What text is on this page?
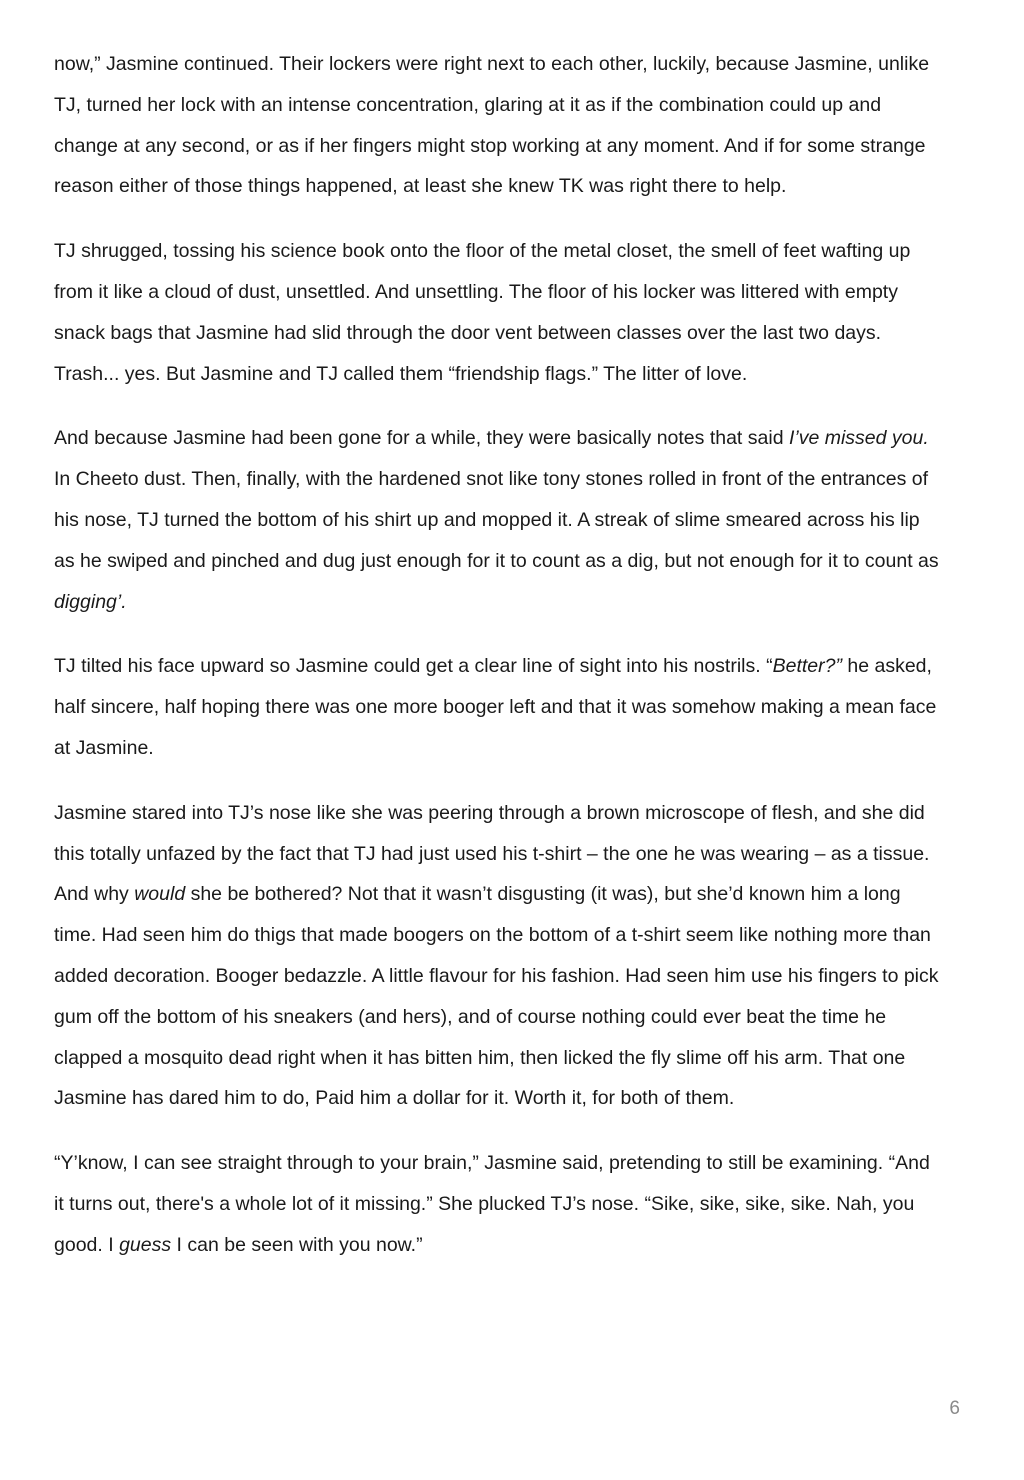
now,” Jasmine continued. Their lockers were right next to each other, luckily, because Jasmine, unlike TJ, turned her lock with an intense concentration, glaring at it as if the combination could up and change at any second, or as if her fingers might stop working at any moment. And if for some strange reason either of those things happened, at least she knew TK was right there to help.

TJ shrugged, tossing his science book onto the floor of the metal closet, the smell of feet wafting up from it like a cloud of dust, unsettled. And unsettling. The floor of his locker was littered with empty snack bags that Jasmine had slid through the door vent between classes over the last two days. Trash... yes. But Jasmine and TJ called them “friendship flags.” The litter of love.

And because Jasmine had been gone for a while, they were basically notes that said I’ve missed you. In Cheeto dust. Then, finally, with the hardened snot like tony stones rolled in front of the entrances of his nose, TJ turned the bottom of his shirt up and mopped it. A streak of slime smeared across his lip as he swiped and pinched and dug just enough for it to count as a dig, but not enough for it to count as digging’.

TJ tilted his face upward so Jasmine could get a clear line of sight into his nostrils. “Better?” he asked, half sincere, half hoping there was one more booger left and that it was somehow making a mean face at Jasmine.

Jasmine stared into TJ’s nose like she was peering through a brown microscope of flesh, and she did this totally unfazed by the fact that TJ had just used his t-shirt – the one he was wearing – as a tissue. And why would she be bothered? Not that it wasn’t disgusting (it was), but she’d known him a long time. Had seen him do thigs that made boogers on the bottom of a t-shirt seem like nothing more than added decoration. Booger bedazzle. A little flavour for his fashion. Had seen him use his fingers to pick gum off the bottom of his sneakers (and hers), and of course nothing could ever beat the time he clapped a mosquito dead right when it has bitten him, then licked the fly slime off his arm. That one Jasmine has dared him to do, Paid him a dollar for it. Worth it, for both of them.

“Y’know, I can see straight through to your brain,” Jasmine said, pretending to still be examining. “And it turns out, there's a whole lot of it missing.” She plucked TJ’s nose. “Sike, sike, sike, sike. Nah, you good. I guess I can be seen with you now.”

6
